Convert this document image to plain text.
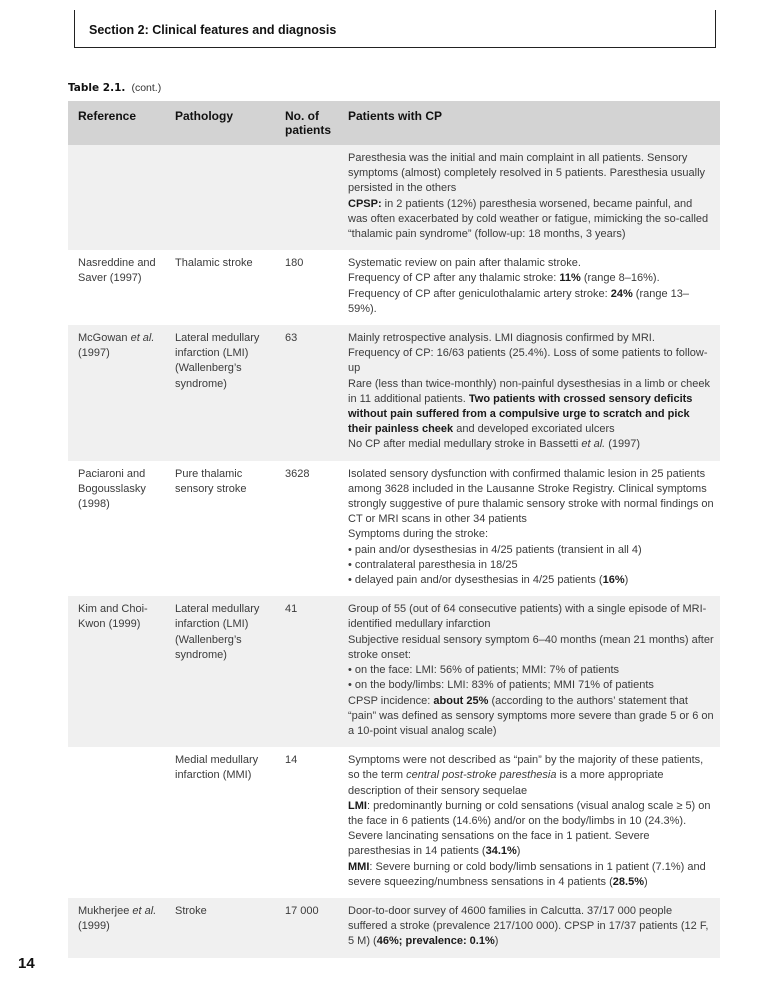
Section 2: Clinical features and diagnosis
Table 2.1. (cont.)
Reference	Pathology	No. of patients	Patients with CP

			Paresthesia was the initial and main complaint in all patients. Sensory symptoms (almost) completely resolved in 5 patients. Paresthesia usually persisted in the others

CPSP: in 2 patients (12%) paresthesia worsened, became painful, and was often exacerbated by cold weather or fatigue, mimicking the so-called “thalamic pain syndrome” (follow-up: 18 months, 3 years)

Nasreddine and Saver (1997)	Thalamic stroke	180	Systematic review on pain after thalamic stroke.

Frequency of CP after any thalamic stroke: 11% (range 8–16%).

Frequency of CP after geniculothalamic artery stroke: 24% (range 13–59%).

McGowan et al. (1997)	Lateral medullary infarction (LMI) (Wallenberg’s syndrome)	63	Mainly retrospective analysis. LMI diagnosis confirmed by MRI.

Frequency of CP: 16/63 patients (25.4%). Loss of some patients to follow-up

Rare (less than twice-monthly) non-painful dysesthesias in a limb or cheek in 11 additional patients. Two patients with crossed sensory deficits without pain suffered from a compulsive urge to scratch and pick their painless cheek and developed excoriated ulcers

No CP after medial medullary stroke in Bassetti et al. (1997)

Paciaroni and Bogousslasky (1998)	Pure thalamic sensory stroke	3628	Isolated sensory dysfunction with confirmed thalamic lesion in 25 patients among 3628 included in the Lausanne Stroke Registry. Clinical symptoms strongly suggestive of pure thalamic sensory stroke with normal findings on CT or MRI scans in other 34 patients

Symptoms during the stroke:

• pain and/or dysesthesias in 4/25 patients (transient in all 4)

• contralateral paresthesia in 18/25

• delayed pain and/or dysesthesias in 4/25 patients (16%)

Kim and Choi-Kwon (1999)	Lateral medullary infarction (LMI) (Wallenberg’s syndrome)	41	Group of 55 (out of 64 consecutive patients) with a single episode of MRI-identified medullary infarction

Subjective residual sensory symptom 6–40 months (mean 21 months) after stroke onset:

• on the face: LMI: 56% of patients; MMI: 7% of patients

• on the body/limbs: LMI: 83% of patients; MMI 71% of patients

CPSP incidence: about 25% (according to the authors’ statement that “pain” was defined as sensory symptoms more severe than grade 5 or 6 on a 10-point visual analog scale)

	Medial medullary infarction (MMI)	14	Symptoms were not described as “pain” by the majority of these patients, so the term central post-stroke paresthesia is a more appropriate description of their sensory sequelae

LMI: predominantly burning or cold sensations (visual analog scale ≥ 5) on the face in 6 patients (14.6%) and/or on the body/limbs in 10 (24.3%). Severe lancinating sensations on the face in 1 patient. Severe paresthesias in 14 patients (34.1%)

MMI: Severe burning or cold body/limb sensations in 1 patient (7.1%) and severe squeezing/numbness sensations in 4 patients (28.5%)

Mukherjee et al. (1999)	Stroke	17 000	Door-to-door survey of 4600 families in Calcutta. 37/17 000 people suffered a stroke (prevalence 217/100 000). CPSP in 17/37 patients (12 F, 5 M) (46%; prevalence: 0.1%)

14
